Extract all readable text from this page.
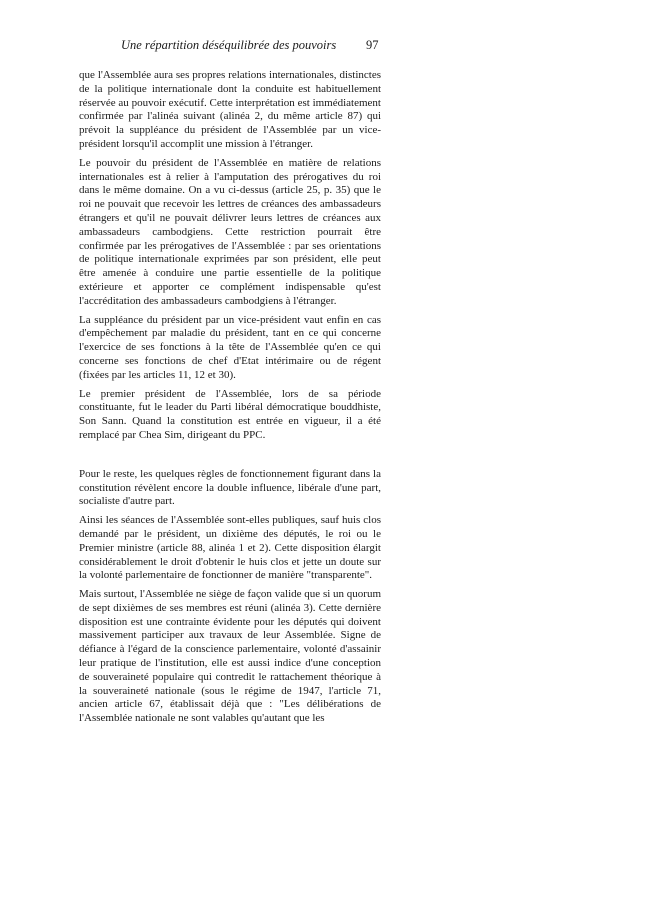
Une répartition déséquilibrée des pouvoirs	97

que l'Assemblée aura ses propres relations internationales, distinctes de la politique internationale dont la conduite est habituellement réservée au pouvoir exécutif. Cette interprétation est immédiatement confirmée par l'alinéa suivant (alinéa 2, du même article 87) qui prévoit la suppléance du président de l'Assemblée par un vice-président lorsqu'il accomplit une mission à l'étranger.

Le pouvoir du président de l'Assemblée en matière de relations internationales est à relier à l'amputation des prérogatives du roi dans le même domaine. On a vu ci-dessus (article 25, p. 35) que le roi ne pouvait que recevoir les lettres de créances des ambassadeurs étrangers et qu'il ne pouvait délivrer leurs lettres de créances aux ambassadeurs cambodgiens. Cette restriction pourrait être confirmée par les prérogatives de l'Assemblée : par ses orientations de politique internationale exprimées par son président, elle peut être amenée à conduire une partie essentielle de la politique extérieure et apporter ce complément indispensable qu'est l'accréditation des ambassadeurs cambodgiens à l'étranger.

La suppléance du président par un vice-président vaut enfin en cas d'empêchement par maladie du président, tant en ce qui concerne l'exercice de ses fonctions à la tête de l'Assemblée qu'en ce qui concerne ses fonctions de chef d'Etat intérimaire ou de régent (fixées par les articles 11, 12 et 30).

Le premier président de l'Assemblée, lors de sa période constituante, fut le leader du Parti libéral démocratique bouddhiste, Son Sann. Quand la constitution est entrée en vigueur, il a été remplacé par Chea Sim, dirigeant du PPC.

Pour le reste, les quelques règles de fonctionnement figurant dans la constitution révèlent encore la double influence, libérale d'une part, socialiste d'autre part.

Ainsi les séances de l'Assemblée sont-elles publiques, sauf huis clos demandé par le président, un dixième des députés, le roi ou le Premier ministre (article 88, alinéa 1 et 2). Cette disposition élargit considérablement le droit d'obtenir le huis clos et jette un doute sur la volonté parlementaire de fonctionner de manière "transparente".

Mais surtout, l'Assemblée ne siège de façon valide que si un quorum de sept dixièmes de ses membres est réuni (alinéa 3). Cette dernière disposition est une contrainte évidente pour les députés qui doivent massivement participer aux travaux de leur Assemblée. Signe de défiance à l'égard de la conscience parlementaire, volonté d'assainir leur pratique de l'institution, elle est aussi indice d'une conception de souveraineté populaire qui contredit le rattachement théorique à la souveraineté nationale (sous le régime de 1947, l'article 71, ancien article 67, établissait déjà que : "Les délibérations de l'Assemblée nationale ne sont valables qu'autant que les
